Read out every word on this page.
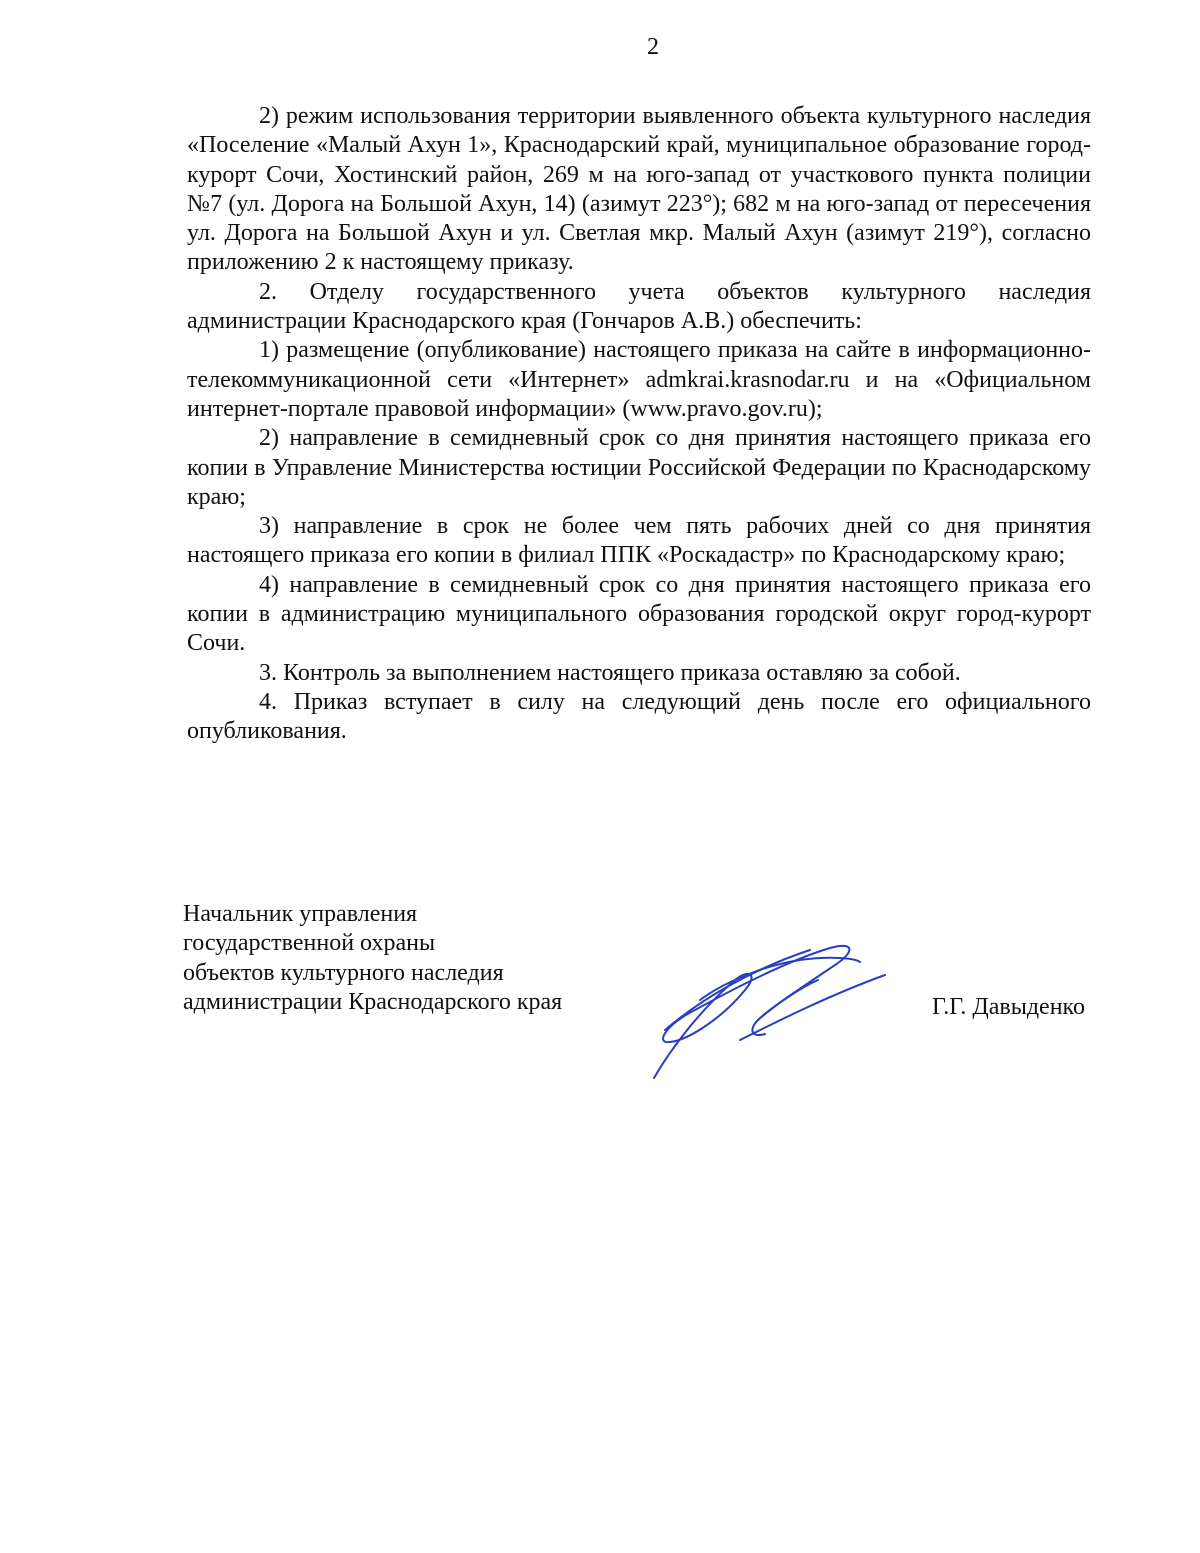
2

2) режим использования территории выявленного объекта культурного наследия «Поселение «Малый Ахун 1», Краснодарский край, муниципальное образование город-курорт Сочи, Хостинский район, 269 м на юго-запад от участкового пункта полиции №7 (ул. Дорога на Большой Ахун, 14) (азимут 223°); 682 м на юго-запад от пересечения ул. Дорога на Большой Ахун и ул. Светлая мкр. Малый Ахун (азимут 219°), согласно приложению 2 к настоящему приказу.

2. Отделу государственного учета объектов культурного наследия администрации Краснодарского края (Гончаров А.В.) обеспечить:

1) размещение (опубликование) настоящего приказа на сайте в информационно-телекоммуникационной сети «Интернет» admkrai.krasnodar.ru и на «Официальном интернет-портале правовой информации» (www.pravo.gov.ru);

2) направление в семидневный срок со дня принятия настоящего приказа его копии в Управление Министерства юстиции Российской Федерации по Краснодарскому краю;

3) направление в срок не более чем пять рабочих дней со дня принятия настоящего приказа его копии в филиал ППК «Роскадастр» по Краснодарскому краю;

4) направление в семидневный срок со дня принятия настоящего приказа его копии в администрацию муниципального образования городской округ город-курорт Сочи.

3. Контроль за выполнением настоящего приказа оставляю за собой.

4. Приказ вступает в силу на следующий день после его официального опубликования.

Начальник управления
государственной охраны
объектов культурного наследия
администрации Краснодарского края	Г.Г. Давыденко
